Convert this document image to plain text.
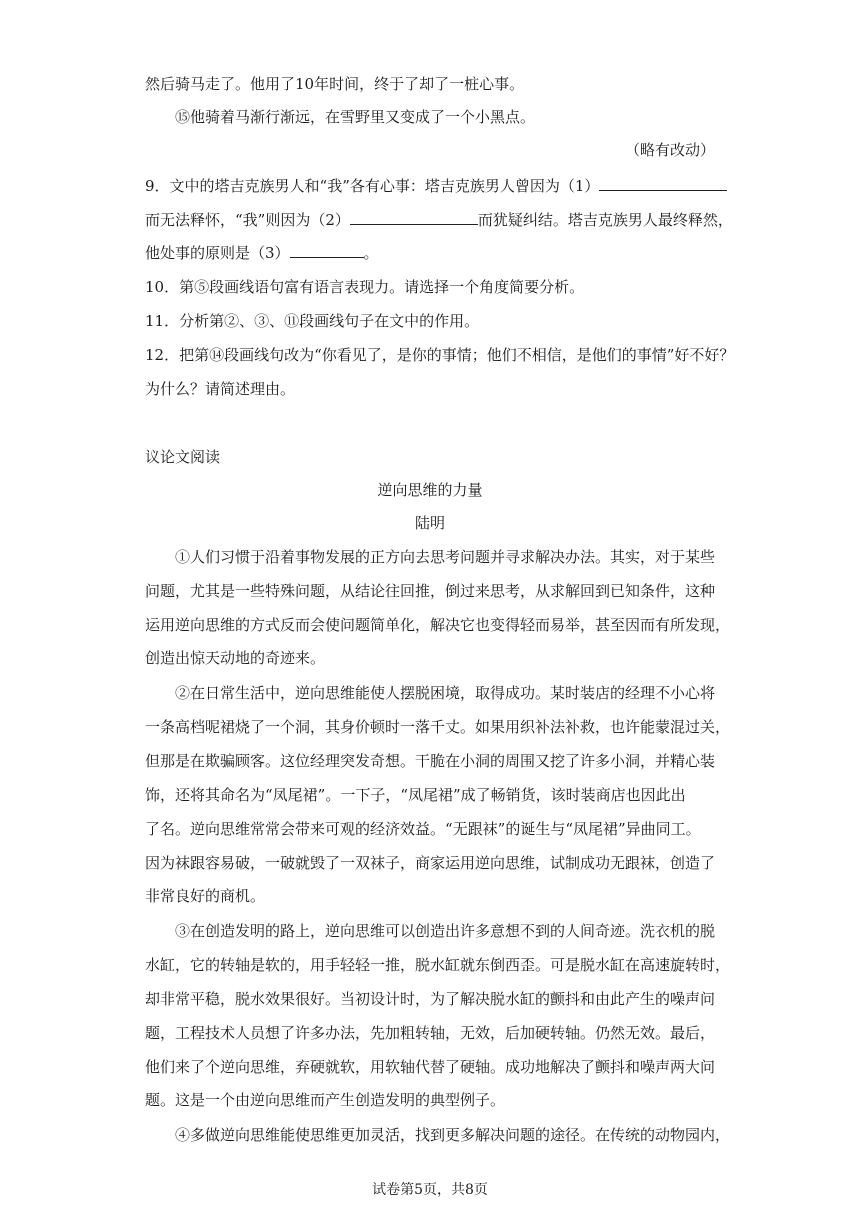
然后骑马走了。他用了10年时间，终于了却了一桩心事。
⑮他骑着马渐行渐远，在雪野里又变成了一个小黑点。
（略有改动）
9．文中的塔吉克族男人和“我”各有心事：塔吉克族男人曾因为（1）
而无法释怀，“我”则因为（2）	而犹疑纠结。塔吉克族男人最终释然，
他处事的原则是（3）	。
10．第⑤段画线语句富有语言表现力。请选择一个角度简要分析。
11．分析第②、③、⑪段画线句子在文中的作用。
12．把第⑭段画线句改为“你看见了，是你的事情；他们不相信，是他们的事情”好不好？
为什么？请简述理由。
议论文阅读
逆向思维的力量
陆明
①人们习惯于沿着事物发展的正方向去思考问题并寻求解决办法。其实，对于某些
问题，尤其是一些特殊问题，从结论往回推，倒过来思考，从求解回到已知条件，这种
运用逆向思维的方式反而会使问题简单化，解决它也变得轻而易举，甚至因而有所发现，
创造出惊天动地的奇迹来。
②在日常生活中，逆向思维能使人摆脱困境，取得成功。某时装店的经理不小心将
一条高档呢裙烧了一个洞，其身价顿时一落千丈。如果用织补法补救，也许能蒙混过关，
但那是在欺骗顾客。这位经理突发奇想。干脆在小洞的周围又挖了许多小洞，并精心装
饰，还将其命名为“凤尾裙”。一下子，“凤尾裙”成了畅销货，该时装商店也因此出
了名。逆向思维常常会带来可观的经济效益。“无跟袜”的诞生与“凤尾裙”异曲同工。
因为袜跟容易破，一破就毁了一双袜子，商家运用逆向思维，试制成功无跟袜，创造了
非常良好的商机。
③在创造发明的路上，逆向思维可以创造出许多意想不到的人间奇迹。洗衣机的脱
水缸，它的转轴是软的，用手轻轻一推，脱水缸就东倒西歪。可是脱水缸在高速旋转时，
却非常平稳，脱水效果很好。当初设计时，为了解决脱水缸的颤抖和由此产生的噪声问
题，工程技术人员想了许多办法，先加粗转轴，无效，后加硬转轴。仍然无效。最后，
他们来了个逆向思维，弃硬就软，用软轴代替了硬轴。成功地解决了颤抖和噪声两大问
题。这是一个由逆向思维而产生创造发明的典型例子。
④多做逆向思维能使思维更加灵活，找到更多解决问题的途径。在传统的动物园内，
试卷第5页，共8页
